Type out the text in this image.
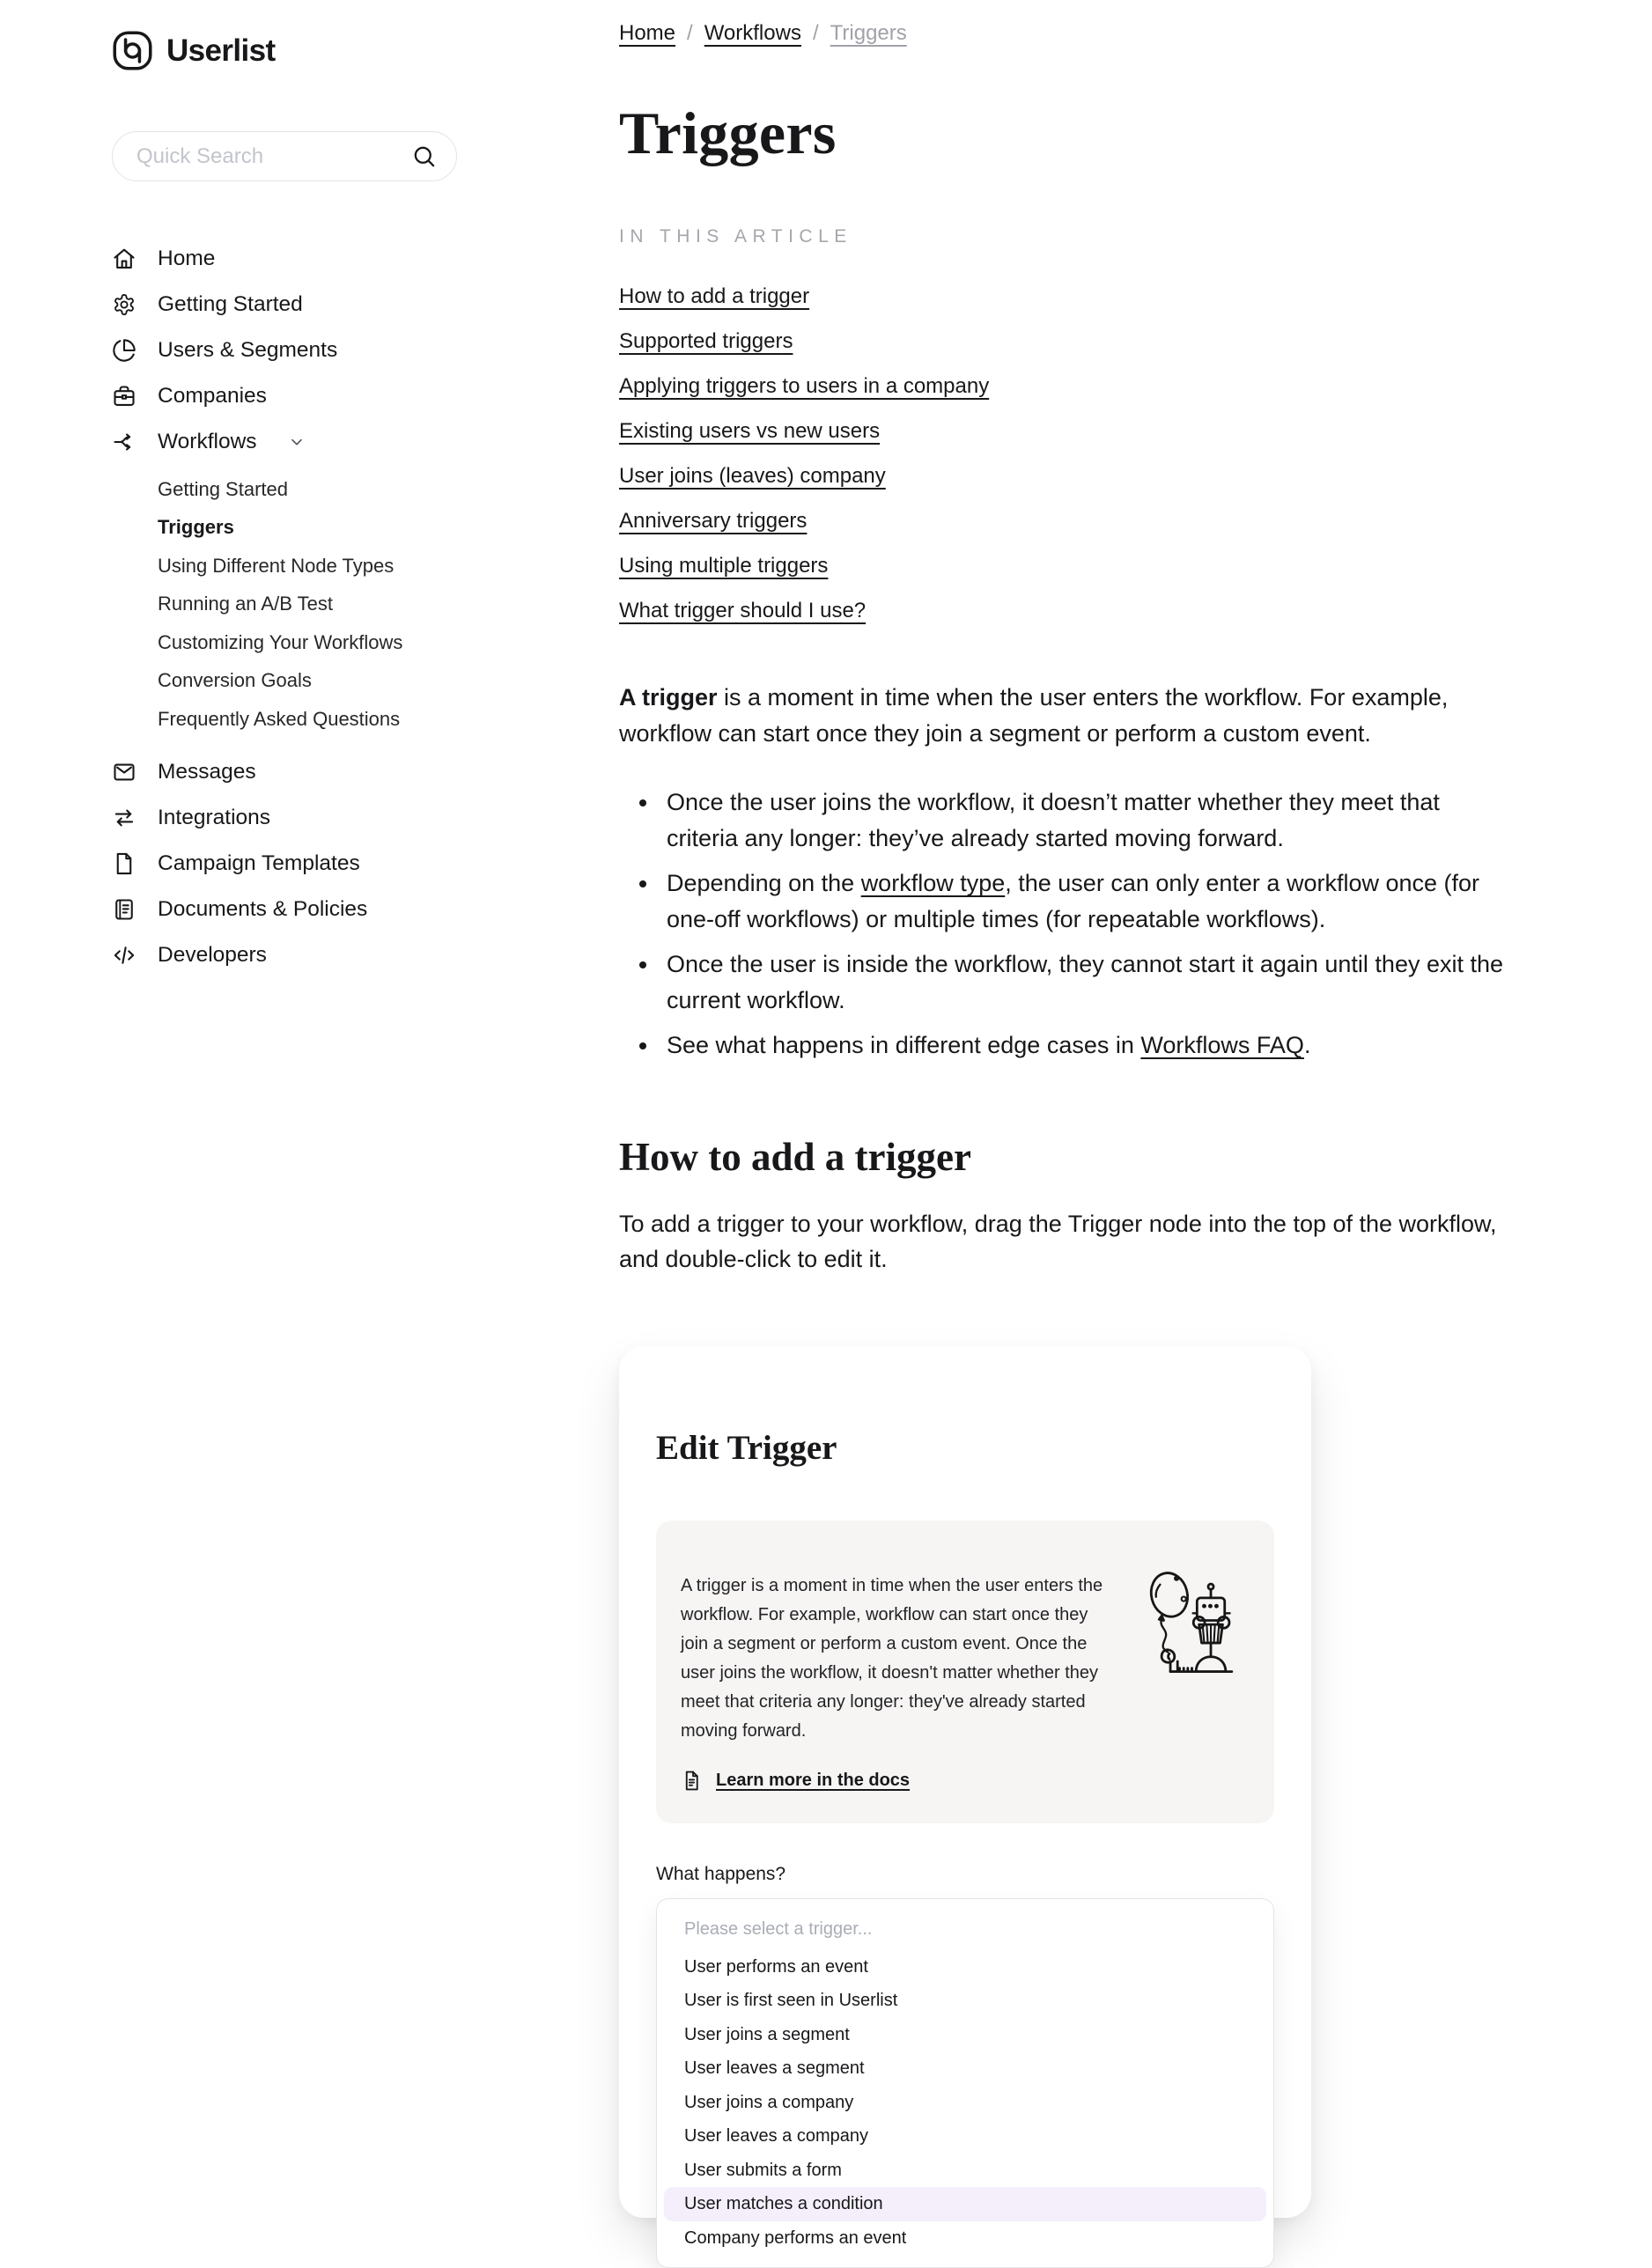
Userlist
Quick Search
Home
Getting Started
Users & Segments
Companies
Workflows
Getting Started
Triggers
Using Different Node Types
Running an A/B Test
Customizing Your Workflows
Conversion Goals
Frequently Asked Questions
Messages
Integrations
Campaign Templates
Documents & Policies
Developers
Home / Workflows / Triggers
Triggers
IN THIS ARTICLE
How to add a trigger
Supported triggers
Applying triggers to users in a company
Existing users vs new users
User joins (leaves) company
Anniversary triggers
Using multiple triggers
What trigger should I use?

A trigger is a moment in time when the user enters the workflow. For example, workflow can start once they join a segment or perform a custom event.

• Once the user joins the workflow, it doesn’t matter whether they meet that criteria any longer: they’ve already started moving forward.
• Depending on the workflow type, the user can only enter a workflow once (for one-off workflows) or multiple times (for repeatable workflows).
• Once the user is inside the workflow, they cannot start it again until they exit the current workflow.
• See what happens in different edge cases in Workflows FAQ.
How to add a trigger

To add a trigger to your workflow, drag the Trigger node into the top of the workflow, and double-click to edit it.

Edit Trigger

A trigger is a moment in time when the user enters the workflow. For example, workflow can start once they join a segment or perform a custom event. Once the user joins the workflow, it doesn't matter whether they meet that criteria any longer: they've already started moving forward.

Learn more in the docs
What happens?
Please select a trigger...
User performs an event
User is first seen in Userlist
User joins a segment
User leaves a segment
User joins a company
User leaves a company
User submits a form
User matches a condition
Company performs an event
